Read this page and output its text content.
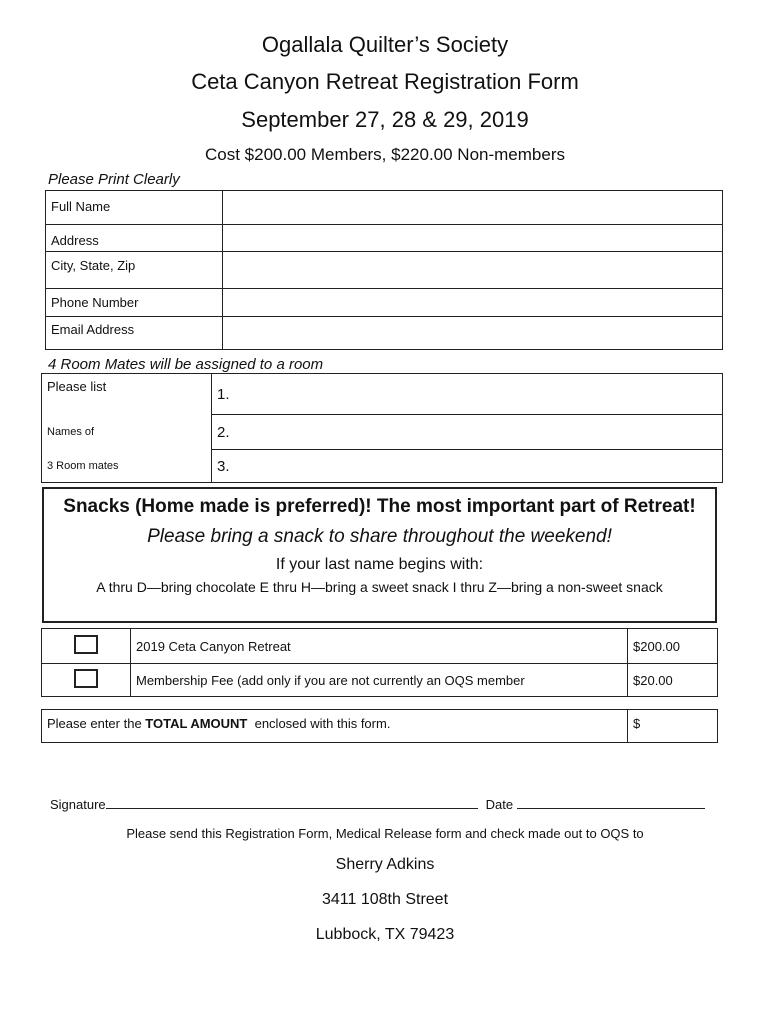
Ogallala Quilter’s Society
Ceta Canyon Retreat Registration Form
September 27, 28 & 29, 2019
Cost $200.00 Members, $220.00 Non-members
Please Print Clearly
Full Name	
Address	
City, State, Zip	
Phone Number	
Email Address	
4 Room Mates will be assigned to a room
Please list	1.
Names of	2.
3 Room mates	3.
Snacks (Home made is preferred)! The most important part of Retreat!
Please bring a snack to share throughout the weekend!
If your last name begins with:
A thru D—bring chocolate E thru H—bring a sweet snack I thru Z—bring a non-sweet snack
	2019 Ceta Canyon Retreat	$200.00
	Membership Fee (add only if you are not currently an OQS member	$20.00
Please enter the TOTAL AMOUNT  enclosed with this form.	$
Signature	Date
Please send this Registration Form, Medical Release form and check made out to OQS to
Sherry Adkins
3411 108th Street
Lubbock, TX 79423
